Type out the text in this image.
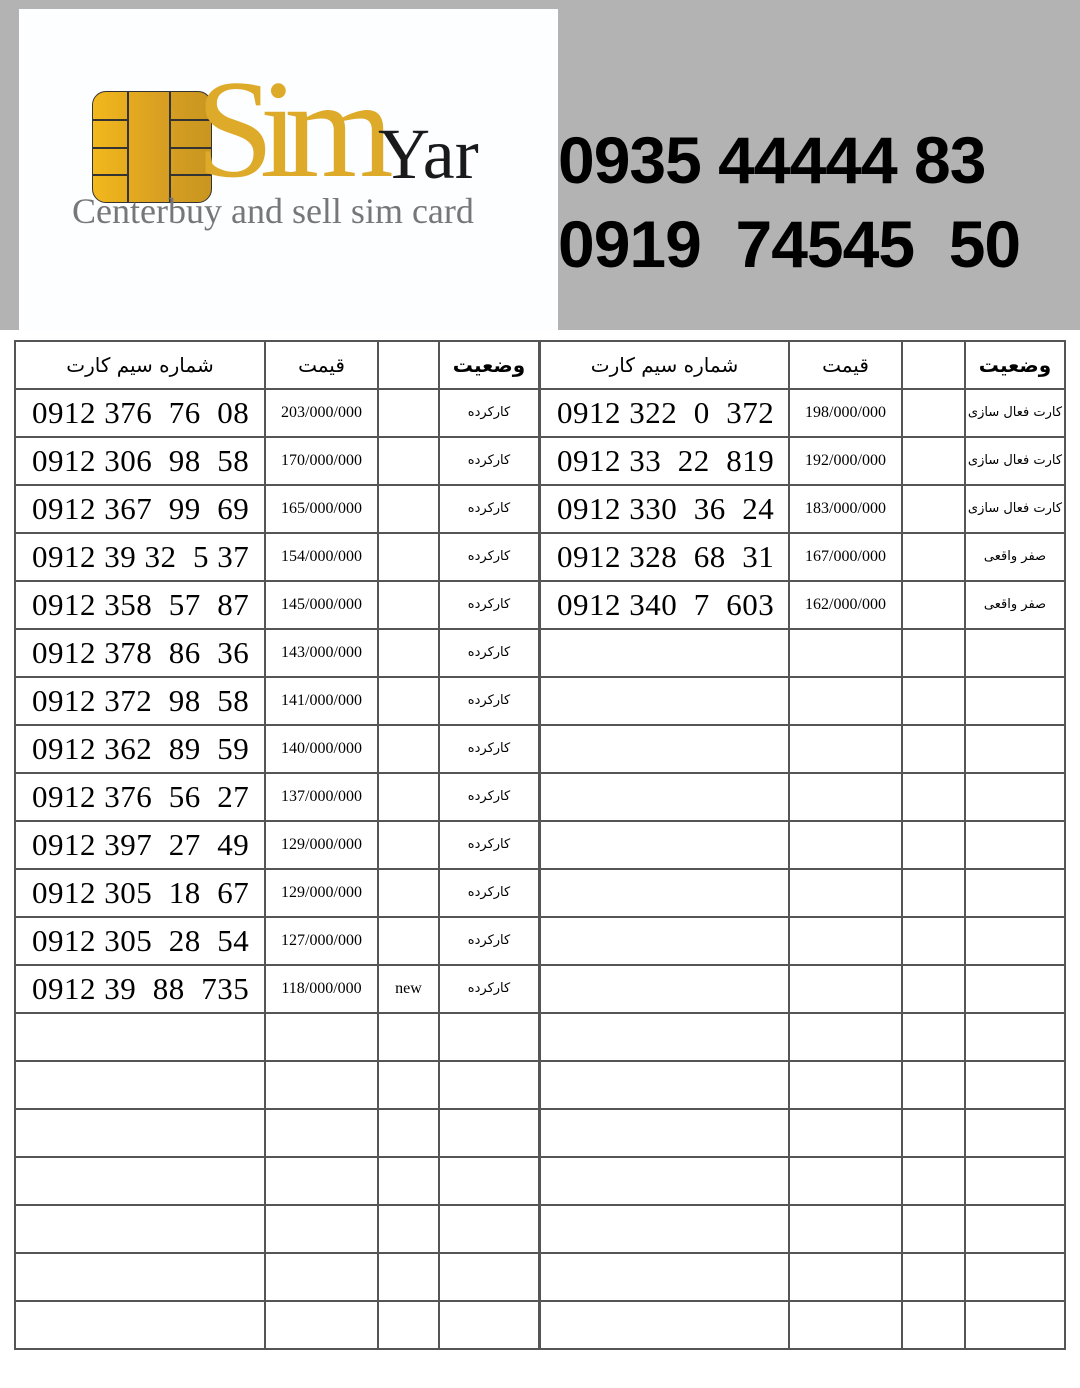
Sim
Yar
Centerbuy and sell sim card
0935 44444 83
0919  74545  50
شماره سیم کارت	قیمت		وضعیت
0912 376  76  08	203/000/000		کارکرده
0912 306  98  58	170/000/000		کارکرده
0912 367  99  69	165/000/000		کارکرده
0912 39 32  5 37	154/000/000		کارکرده
0912 358  57  87	145/000/000		کارکرده
0912 378  86  36	143/000/000		کارکرده
0912 372  98  58	141/000/000		کارکرده
0912 362  89  59	140/000/000		کارکرده
0912 376  56  27	137/000/000		کارکرده
0912 397  27  49	129/000/000		کارکرده
0912 305  18  67	129/000/000		کارکرده
0912 305  28  54	127/000/000		کارکرده
0912 39  88  735	118/000/000	new	کارکرده

شماره سیم کارت	قیمت		وضعیت
0912 322  0  372	198/000/000		کارت فعال سازی
0912 33  22  819	192/000/000		کارت فعال سازی
0912 330  36  24	183/000/000		کارت فعال سازی
0912 328  68  31	167/000/000		صفر واقعی
0912 340  7  603	162/000/000		صفر واقعی
